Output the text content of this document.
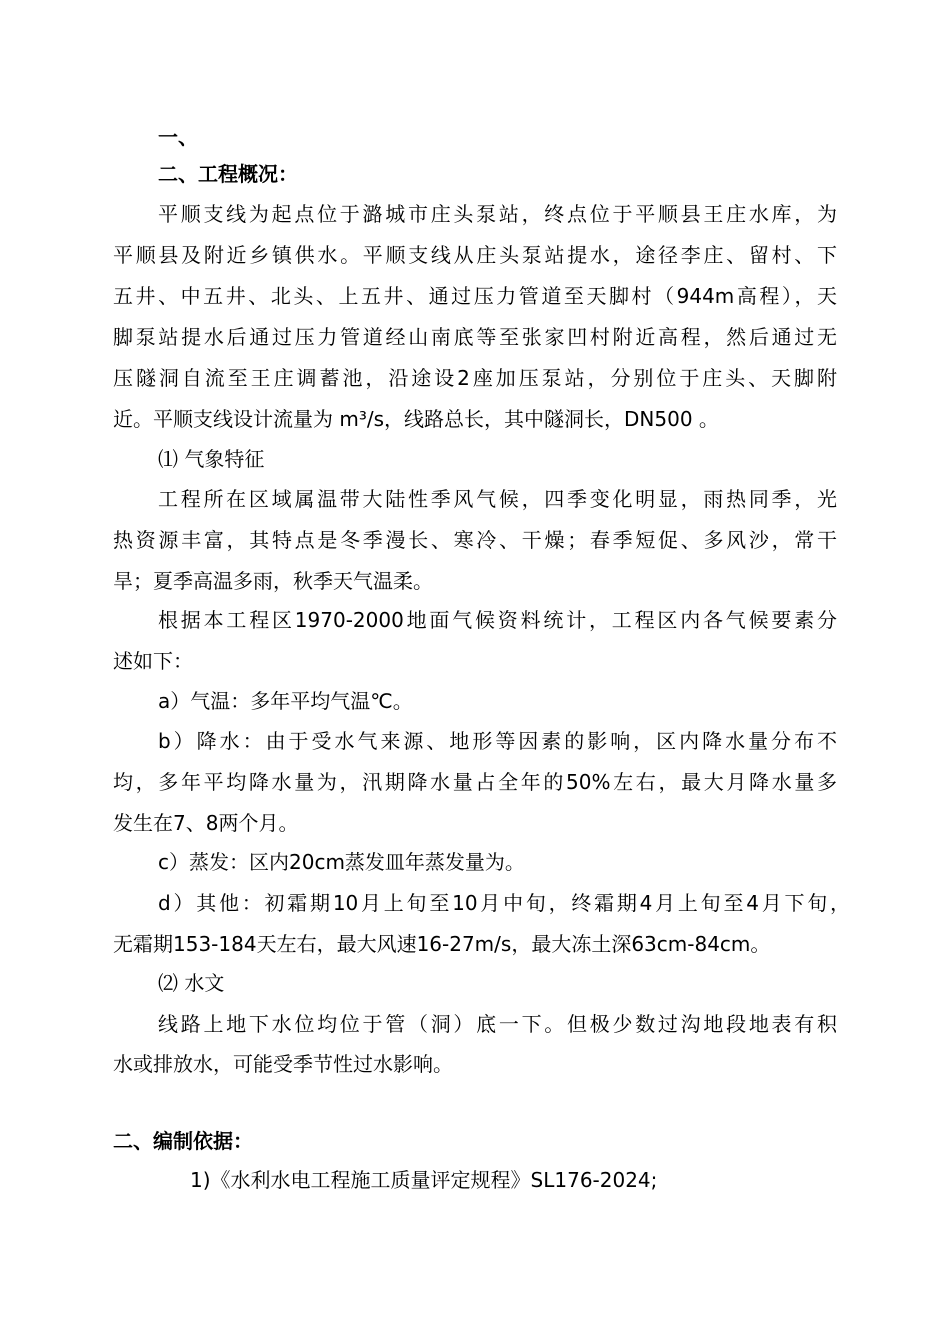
一、
二、工程概况：
平顺支线为起点位于潞城市庄头泵站，终点位于平顺县王庄水库，为
平顺县及附近乡镇供水。平顺支线从庄头泵站提水，途径李庄、留村、下
五井、中五井、北头、上五井、通过压力管道至天脚村（944m高程），天
脚泵站提水后通过压力管道经山南底等至张家凹村附近高程，然后通过无
压隧洞自流至王庄调蓄池，沿途设2座加压泵站，分别位于庄头、天脚附
近。平顺支线设计流量为 m³/s，线路总长，其中隧洞长，DN500 。
⑴ 气象特征
工程所在区域属温带大陆性季风气候，四季变化明显，雨热同季，光
热资源丰富，其特点是冬季漫长、寒冷、干燥；春季短促、多风沙，常干
旱；夏季高温多雨，秋季天气温柔。
根据本工程区1970-2000地面气候资料统计，工程区内各气候要素分
述如下：
a）气温：多年平均气温℃。
b）降水：由于受水气来源、地形等因素的影响，区内降水量分布不
均，多年平均降水量为，汛期降水量占全年的50%左右，最大月降水量多
发生在7、8两个月。
c）蒸发：区内20cm蒸发皿年蒸发量为。
d）其他：初霜期10月上旬至10月中旬，终霜期4月上旬至4月下旬，
无霜期153-184天左右，最大风速16-27m/s，最大冻土深63cm-84cm。
⑵ 水文
线路上地下水位均位于管（洞）底一下。但极少数过沟地段地表有积
水或排放水，可能受季节性过水影响。
二、编制依据：
1)《水利水电工程施工质量评定规程》SL176-2024;
